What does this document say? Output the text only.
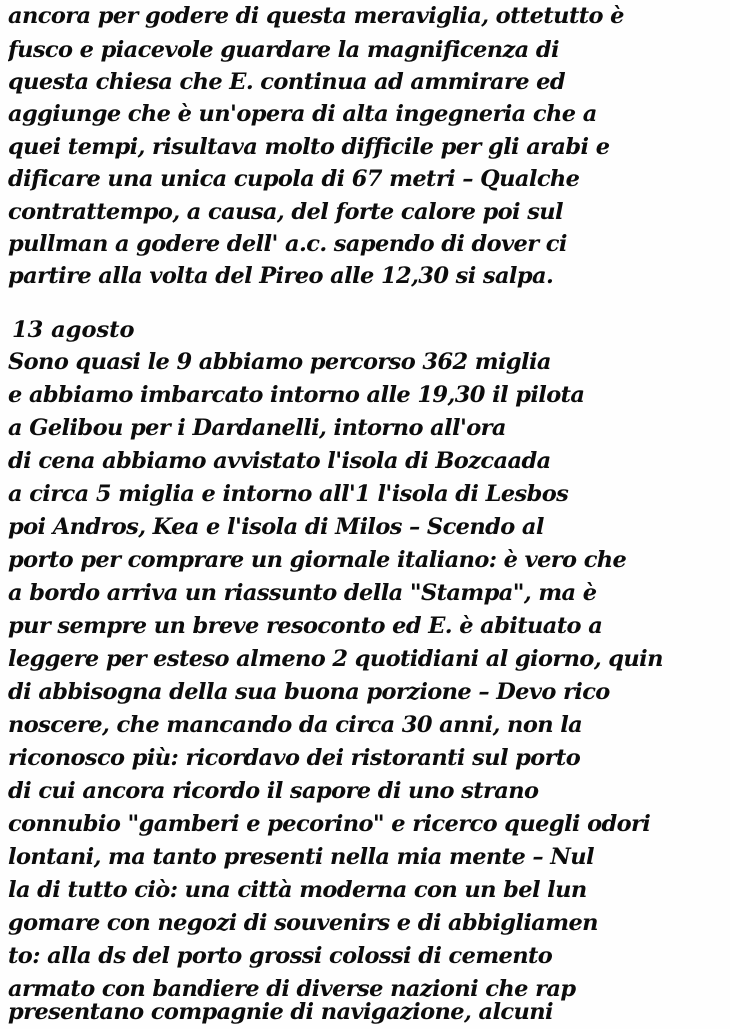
ancora per godere di questa meraviglia, ottetutto è
fusco e piacevole guardare la magnificenza di
questa chiesa che E. continua ad ammirare ed
aggiunge che è un'opera di alta ingegneria che a
quei tempi, risultava molto difficile per gli arabi e
dificare una unica cupola di 67 metri – Qualche
contrattempo, a causa, del forte calore poi sul
pullman a godere dell' a.c. sapendo di dover ci
partire alla volta del Pireo alle 12,30 si salpa.
13 agosto
Sono quasi le 9 abbiamo percorso 362 miglia
e abbiamo imbarcato intorno alle 19,30 il pilota
a Gelibou per i Dardanelli, intorno all'ora
di cena abbiamo avvistato l'isola di Bozcaada
a circa 5 miglia e intorno all'1 l'isola di Lesbos
poi Andros, Kea e l'isola di Milos – Scendo al
porto per comprare un giornale italiano: è vero che
a bordo arriva un riassunto della "Stampa", ma è
pur sempre un breve resoconto ed E. è abituato a
leggere per esteso almeno 2 quotidiani al giorno, quin
di abbisogna della sua buona porzione – Devo rico
noscere, che mancando da circa 30 anni, non la
riconosco più: ricordavo dei ristoranti sul porto
di cui ancora ricordo il sapore di uno strano
connubio "gamberi e pecorino" e ricerco quegli odori
lontani, ma tanto presenti nella mia mente – Nul
la di tutto ciò: una città moderna con un bel lun
gomare con negozi di souvenirs e di abbigliamen
to: alla ds del porto grossi colossi di cemento
armato con bandiere di diverse nazioni che rap
presentano compagnie di navigazione, alcuni
